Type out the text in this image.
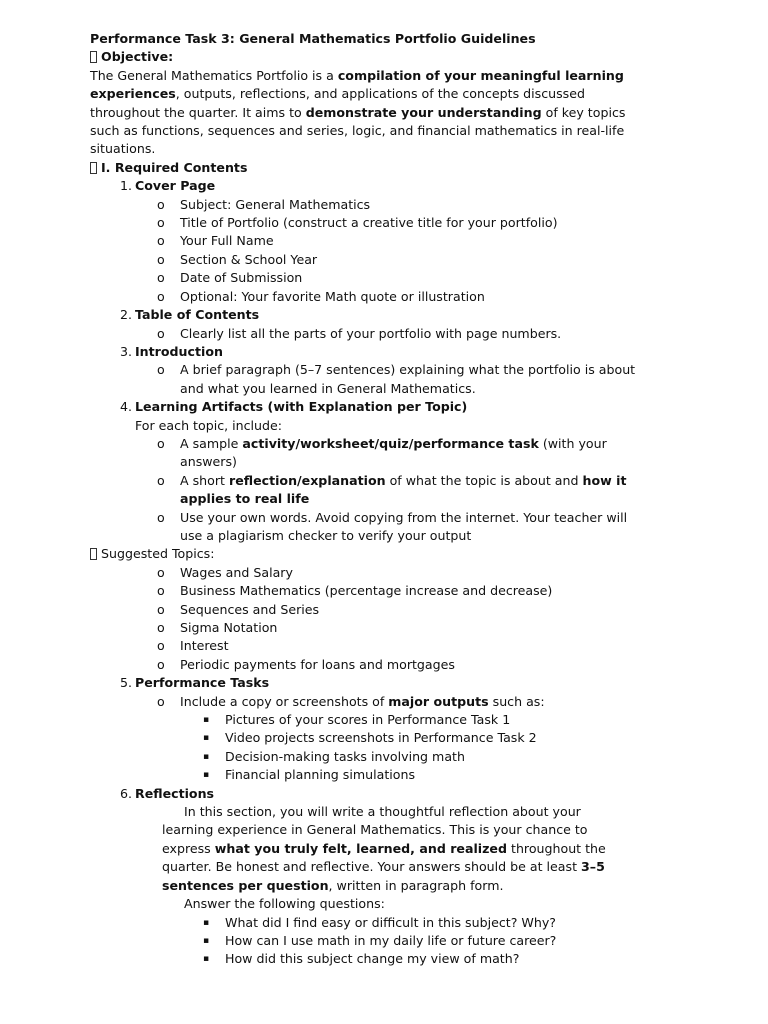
Performance Task 3: General Mathematics Portfolio Guidelines
Objective:
The General Mathematics Portfolio is a compilation of your meaningful learning experiences, outputs, reflections, and applications of the concepts discussed throughout the quarter. It aims to demonstrate your understanding of key topics such as functions, sequences and series, logic, and financial mathematics in real-life situations.
I. Required Contents
1. Cover Page
o Subject: General Mathematics
o Title of Portfolio (construct a creative title for your portfolio)
o Your Full Name
o Section & School Year
o Date of Submission
o Optional: Your favorite Math quote or illustration
2. Table of Contents
o Clearly list all the parts of your portfolio with page numbers.
3. Introduction
o A brief paragraph (5–7 sentences) explaining what the portfolio is about and what you learned in General Mathematics.
4. Learning Artifacts (with Explanation per Topic)
For each topic, include:
o A sample activity/worksheet/quiz/performance task (with your answers)
o A short reflection/explanation of what the topic is about and how it applies to real life
o Use your own words. Avoid copying from the internet. Your teacher will use a plagiarism checker to verify your output
Suggested Topics:
o Wages and Salary
o Business Mathematics (percentage increase and decrease)
o Sequences and Series
o Sigma Notation
o Interest
o Periodic payments for loans and mortgages
5. Performance Tasks
o Include a copy or screenshots of major outputs such as:
▪ Pictures of your scores in Performance Task 1
▪ Video projects screenshots in Performance Task 2
▪ Decision-making tasks involving math
▪ Financial planning simulations
6. Reflections
In this section, you will write a thoughtful reflection about your learning experience in General Mathematics. This is your chance to express what you truly felt, learned, and realized throughout the quarter. Be honest and reflective. Your answers should be at least 3–5 sentences per question, written in paragraph form.
Answer the following questions:
▪ What did I find easy or difficult in this subject? Why?
▪ How can I use math in my daily life or future career?
▪ How did this subject change my view of math?
